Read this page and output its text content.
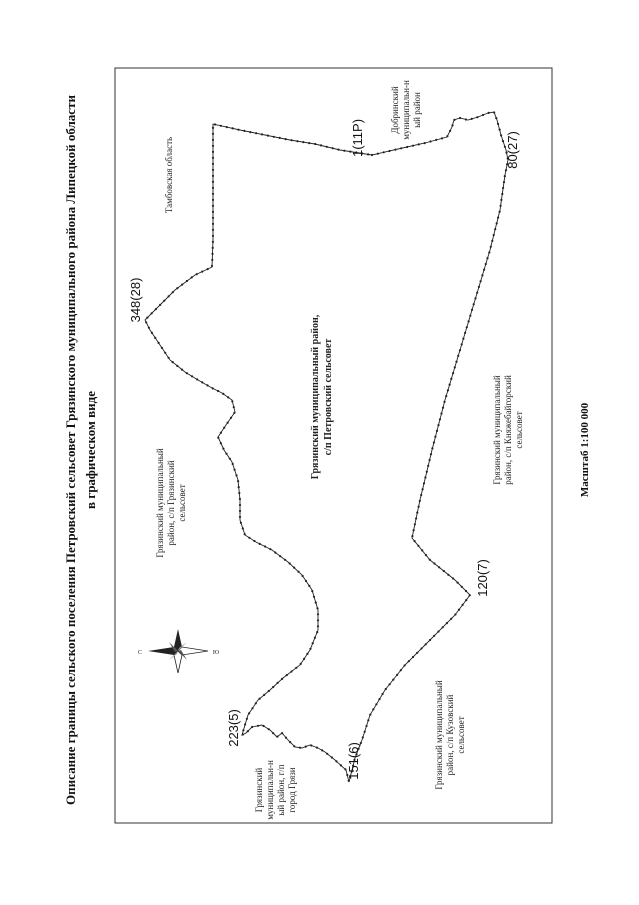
Описание границы сельского поселения Петровский сельсовет Грязинского муниципального района Липецкой области в графическом виде	Масштаб 1:100 000
Тамбовская область
Добринский муниципальн-н ый район
Грязинский муниципальный район, с/п Петровский сельсовет
Грязинский муниципальный район, с/п Грязинский сельсовет
Грязинский муниципальный район, с/п Княжебайгорский сельсовет
Грязинский муниципальный район, с/п Кузовский сельсовет
Грязинский муниципальн-н ый район, г/п город Грязи
1(11Р)	80(27)
120(7)
151(6)
223(5)
348(28)
С	Ю
